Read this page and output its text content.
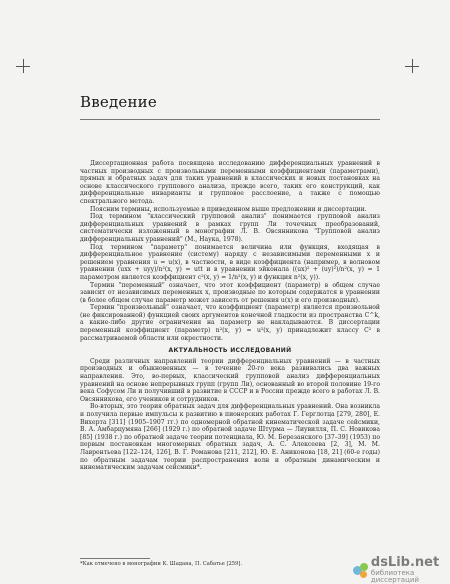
Введение

Диссертационная работа посвящена исследованию дифференциальных уравнений в частных производных с произвольными переменными коэффициентами (параметрами), прямых и обратных задач для таких уравнений в классических и новых постановках на основе классического группового анализа, прежде всего, таких его конструкций, как дифференциальные инварианты и групповое расслоение, а также с помощью спектрального метода.

Поясним термины, используемые в приведенном выше предложении и диссертации.

Под термином "классический групповой анализ" понимается групповой анализ дифференциальных уравнений в рамках групп Ли точечных преобразований, систематически изложенный в монографии Л. В. Овсянникова "Групповой анализ дифференциальных уравнений" (М., Наука, 1978).

Под термином "параметр" понимается величина или функция, входящая в дифференциальное уравнение (систему) наряду с независимыми переменными x и решением уравнения u = u(x), в частности, в виде коэффициента (например, в волновом уравнении (uxx + uyy)/n²(x, y) = utt и в уравнении эйконала ((ux)² + (uy)²)/n²(x, y) = 1 параметром является коэффициент c²(x, y) = 1/n²(x, y) и функция n²(x, y)).

Термин "переменный" означает, что этот коэффициент (параметр) в общем случае зависит от независимых переменных x, производные по которым содержатся в уравнении (в более общем случае параметр может зависеть от решения u(x) и его производных).

Термин "произвольный" означает, что коэффициент (параметр) является произвольной (не фиксированной) функцией своих аргументов конечной гладкости из пространства C^k, а какие-либо другие ограничения на параметр не накладываются. В диссертации переменный коэффициент (параметр) n²(x, y) = u²(x, y) принадлежит классу C² в рассматриваемой области или окрестности.

АКТУАЛЬНОСТЬ ИССЛЕДОВАНИЙ

Среди различных направлений теории дифференциальных уравнений — в частных производных и обыкновенных — в течение 20-го века развивались два важных направления. Это, во-первых, классический групповой анализ дифференциальных уравнений на основе непрерывных групп (групп Ли), основанный во второй половине 19-го века Софусом Ли и получивший в развитие в СССР и в России прежде всего в работах Л. В. Овсянникова, его учеников и сотрудников.

Во-вторых, это теория обратных задач для дифференциальных уравнений. Она возникла и получила первые импульсы к развитию в пионерских работах Г. Герглотца [279, 280], Е. Вихерта [311] (1905–1907 гг.) по одномерной обратной кинематической задаче сейсмики, В. А. Амбарцумяна [266] (1929 г.) по обратной задаче Штурма — Лиувилля, П. С. Новикова [85] (1938 г.) по обратной задаче теории потенциала, Ю. М. Березанского [37–39] (1953) по первым постановкам многомерных обратных задач, А. С. Алексеева [2, 3], М. М. Лаврентьева [122–124, 126], В. Г. Романова [211, 212], Ю. Е. Аниконова [18, 21] (60-е годы) по обратным задачам теории распространения волн и обратным динамическим и кинематическим задачам сейсмики*.

*Как отмечено в монографии К. Шадана, П. Сабатье [259].	dsLib.net
библиотека диссертаций
